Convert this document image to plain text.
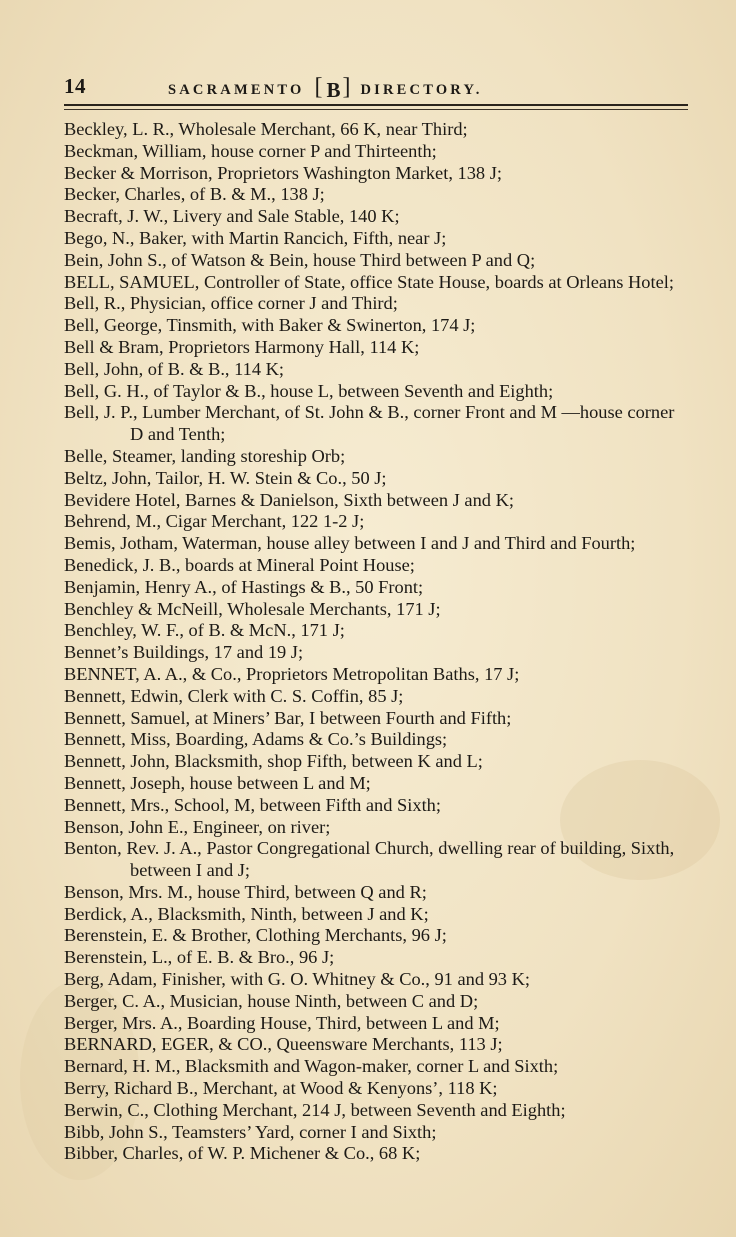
14	SACRAMENTO [ B ] DIRECTORY.
Beckley, L. R., Wholesale Merchant, 66 K, near Third;
Beckman, William, house corner P and Thirteenth;
Becker & Morrison, Proprietors Washington Market, 138 J;
Becker, Charles, of B. & M., 138 J;
Becraft, J. W., Livery and Sale Stable, 140 K;
Bego, N., Baker, with Martin Rancich, Fifth, near J;
Bein, John S., of Watson & Bein, house Third between P and Q;
BELL, SAMUEL, Controller of State, office State House, boards at Orleans Hotel;
Bell, R., Physician, office corner J and Third;
Bell, George, Tinsmith, with Baker & Swinerton, 174 J;
Bell & Bram, Proprietors Harmony Hall, 114 K;
Bell, John, of B. & B., 114 K;
Bell, G. H., of Taylor & B., house L, between Seventh and Eighth;
Bell, J. P., Lumber Merchant, of St. John & B., corner Front and M —house corner D and Tenth;
Belle, Steamer, landing storeship Orb;
Beltz, John, Tailor, H. W. Stein & Co., 50 J;
Bevidere Hotel, Barnes & Danielson, Sixth between J and K;
Behrend, M., Cigar Merchant, 122 1-2 J;
Bemis, Jotham, Waterman, house alley between I and J and Third and Fourth;
Benedick, J. B., boards at Mineral Point House;
Benjamin, Henry A., of Hastings & B., 50 Front;
Benchley & McNeill, Wholesale Merchants, 171 J;
Benchley, W. F., of B. & McN., 171 J;
Bennet’s Buildings, 17 and 19 J;
BENNET, A. A., & Co., Proprietors Metropolitan Baths, 17 J;
Bennett, Edwin, Clerk with C. S. Coffin, 85 J;
Bennett, Samuel, at Miners’ Bar, I between Fourth and Fifth;
Bennett, Miss, Boarding, Adams & Co.’s Buildings;
Bennett, John, Blacksmith, shop Fifth, between K and L;
Bennett, Joseph, house between L and M;
Bennett, Mrs., School, M, between Fifth and Sixth;
Benson, John E., Engineer, on river;
Benton, Rev. J. A., Pastor Congregational Church, dwelling rear of building, Sixth, between I and J;
Benson, Mrs. M., house Third, between Q and R;
Berdick, A., Blacksmith, Ninth, between J and K;
Berenstein, E. & Brother, Clothing Merchants, 96 J;
Berenstein, L., of E. B. & Bro., 96 J;
Berg, Adam, Finisher, with G. O. Whitney & Co., 91 and 93 K;
Berger, C. A., Musician, house Ninth, between C and D;
Berger, Mrs. A., Boarding House, Third, between L and M;
BERNARD, EGER, & CO., Queensware Merchants, 113 J;
Bernard, H. M., Blacksmith and Wagon-maker, corner L and Sixth;
Berry, Richard B., Merchant, at Wood & Kenyons’, 118 K;
Berwin, C., Clothing Merchant, 214 J, between Seventh and Eighth;
Bibb, John S., Teamsters’ Yard, corner I and Sixth;
Bibber, Charles, of W. P. Michener & Co., 68 K;
